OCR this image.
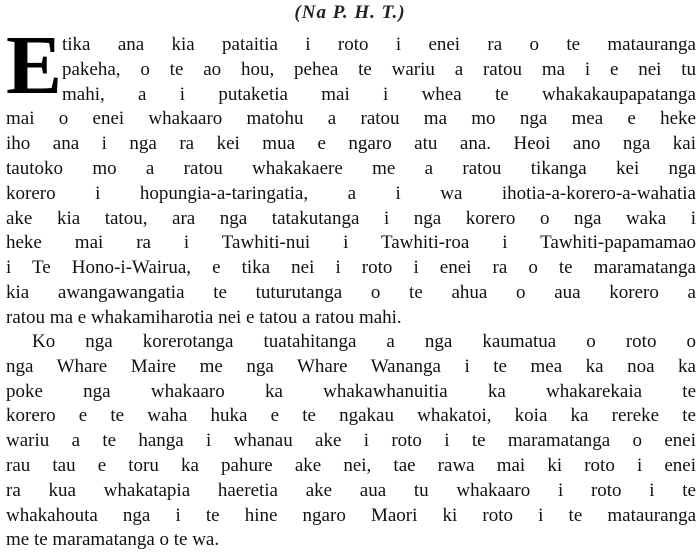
(Na P. H. T.)
E tika ana kia pataitia i roto i enei ra o te matauranga
pakeha, o te ao hou, pehea te wariu a ratou ma i e nei tu
mahi, a i putaketia mai i whea te whakakaupapatanga
mai o enei whakaaro matohu a ratou ma mo nga mea e heke
iho ana i nga ra kei mua e ngaro atu ana. Heoi ano nga kai
tautoko mo a ratou whakakaere me a ratou tikanga kei nga
korero i hopungia-a-taringatia, a i wa ihotia-a-korero-a-wahatia
ake kia tatou, ara nga tatakutanga i nga korero o nga waka i
heke mai ra i Tawhiti-nui i Tawhiti-roa i Tawhiti-papamamao
i Te Hono-i-Wairua, e tika nei i roto i enei ra o te maramatanga
kia awangawangatia te tuturutanga o te ahua o aua korero a
ratou ma e whakamiharotia nei e tatou a ratou mahi.
Ko nga korerotanga tuatahitanga a nga kaumatua o roto o
nga Whare Maire me nga Whare Wananga i te mea ka noa ka
poke nga whakaaro ka whakawhanuitia ka whakarekaia te
korero e te waha huka e te ngakau whakatoi, koia ka rereke te
wariu a te hanga i whanau ake i roto i te maramatanga o enei
rau tau e toru ka pahure ake nei, tae rawa mai ki roto i enei
ra kua whakatapia haeretia ake aua tu whakaaro i roto i te
whakahouta nga i te hine ngaro Maori ki roto i te matauranga
me te maramatanga o te wa.
